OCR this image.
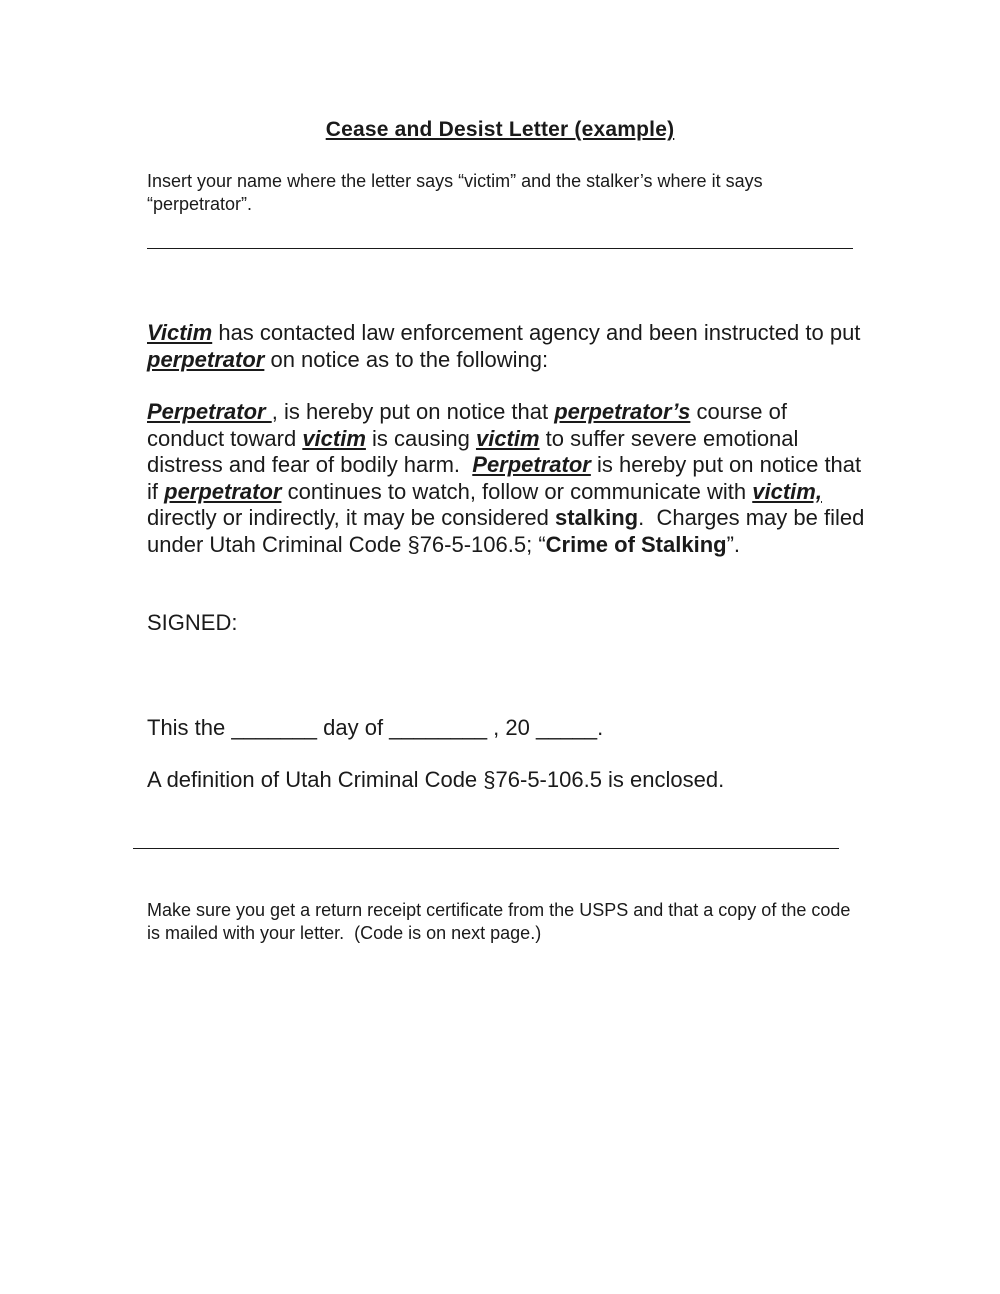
Cease and Desist Letter (example)
Insert your name where the letter says “victim” and the stalker’s where it says “perpetrator”.
Victim has contacted law enforcement agency and been instructed to put perpetrator on notice as to the following:
Perpetrator , is hereby put on notice that perpetrator’s course of conduct toward victim is causing victim to suffer severe emotional distress and fear of bodily harm.  Perpetrator is hereby put on notice that if perpetrator continues to watch, follow or communicate with victim, directly or indirectly, it may be considered stalking.  Charges may be filed under Utah Criminal Code §76-5-106.5; “Crime of Stalking”.
SIGNED:
This the _______ day of ________ , 20 _____.
A definition of Utah Criminal Code §76-5-106.5 is enclosed.
Make sure you get a return receipt certificate from the USPS and that a copy of the code is mailed with your letter.  (Code is on next page.)
